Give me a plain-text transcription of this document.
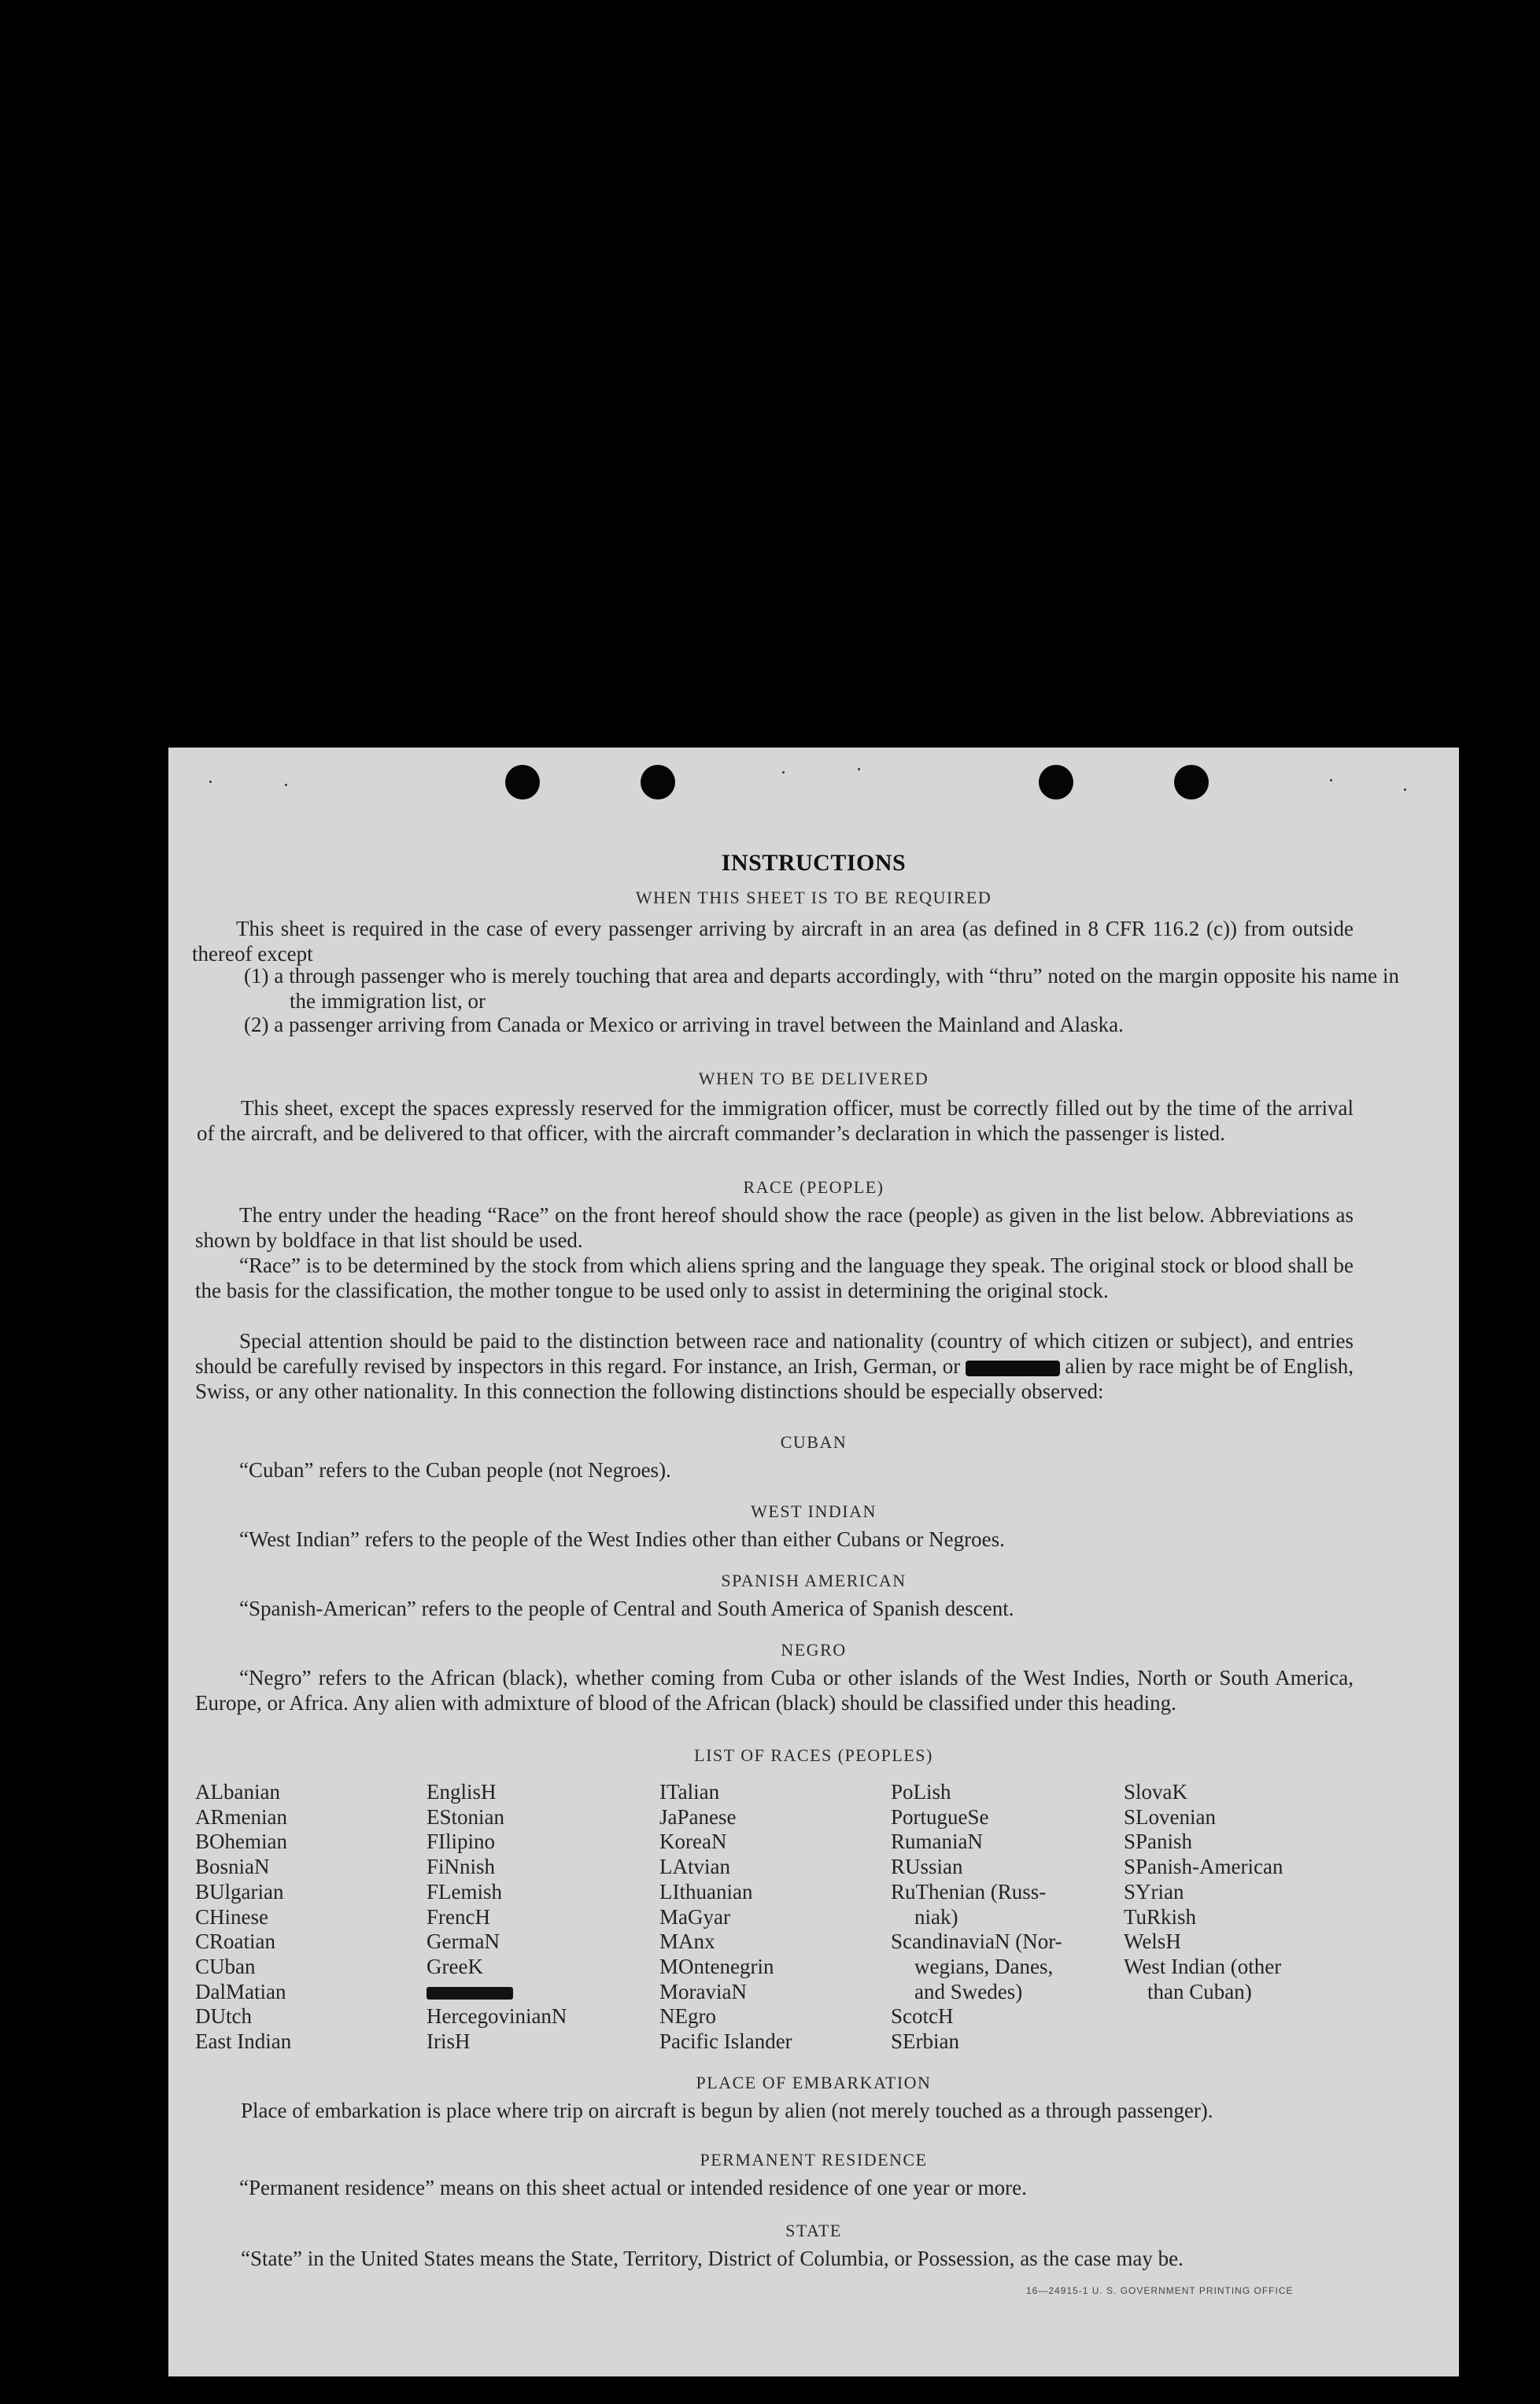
INSTRUCTIONS
WHEN THIS SHEET IS TO BE REQUIRED

This sheet is required in the case of every passenger arriving by aircraft in an area (as defined in 8 CFR 116.2 (c)) from outside thereof except

(1) a through passenger who is merely touching that area and departs accordingly, with “thru” noted on the margin opposite his name in the immigration list, or

(2) a passenger arriving from Canada or Mexico or arriving in travel between the Mainland and Alaska.

WHEN TO BE DELIVERED

This sheet, except the spaces expressly reserved for the immigration officer, must be correctly filled out by the time of the arrival of the aircraft, and be delivered to that officer, with the aircraft commander’s declaration in which the passenger is listed.

RACE (PEOPLE)

The entry under the heading “Race” on the front hereof should show the race (people) as given in the list below. Abbreviations as shown by boldface in that list should be used.

“Race” is to be determined by the stock from which aliens spring and the language they speak. The original stock or blood shall be the basis for the classification, the mother tongue to be used only to assist in determining the original stock.

Special attention should be paid to the distinction between race and nationality (country of which citizen or subject), and entries should be carefully revised by inspectors in this regard. For instance, an Irish, German, or	alien by race might be of English, Swiss, or any other nationality. In this connection the following distinctions should be especially observed:

CUBAN

“Cuban” refers to the Cuban people (not Negroes).

WEST INDIAN

“West Indian” refers to the people of the West Indies other than either Cubans or Negroes.

SPANISH AMERICAN

“Spanish-American” refers to the people of Central and South America of Spanish descent.

NEGRO

“Negro” refers to the African (black), whether coming from Cuba or other islands of the West Indies, North or South America, Europe, or Africa. Any alien with admixture of blood of the African (black) should be classified under this heading.

LIST OF RACES (PEOPLES)
ALbanian
ARmenian
BOhemian
BosniaN
BUlgarian
CHinese
CRoatian
CUban
DalMatian
DUtch
East Indian
EnglisH
EStonian
FIlipino
FiNnish
FLemish
FrencH
GermaN
GreeK
HercegovinianN
IrisH
ITalian
JaPanese
KoreaN
LAtvian
LIthuanian
MaGyar
MAnx
MOntenegrin
MoraviaN
NEgro
Pacific Islander
PoLish
PortugueSe
RumaniaN
RUssian
RuThenian (Russ-
niak)
ScandinaviaN (Nor-
wegians, Danes,
and Swedes)
ScotcH
SErbian
SlovaK
SLovenian
SPanish
SPanish-American
SYrian
TuRkish
WelsH
West Indian (other
than Cuban)
PLACE OF EMBARKATION

Place of embarkation is place where trip on aircraft is begun by alien (not merely touched as a through passenger).

PERMANENT RESIDENCE

“Permanent residence” means on this sheet actual or intended residence of one year or more.

STATE

“State” in the United States means the State, Territory, District of Columbia, or Possession, as the case may be.

16—24915-1 U. S. GOVERNMENT PRINTING OFFICE
